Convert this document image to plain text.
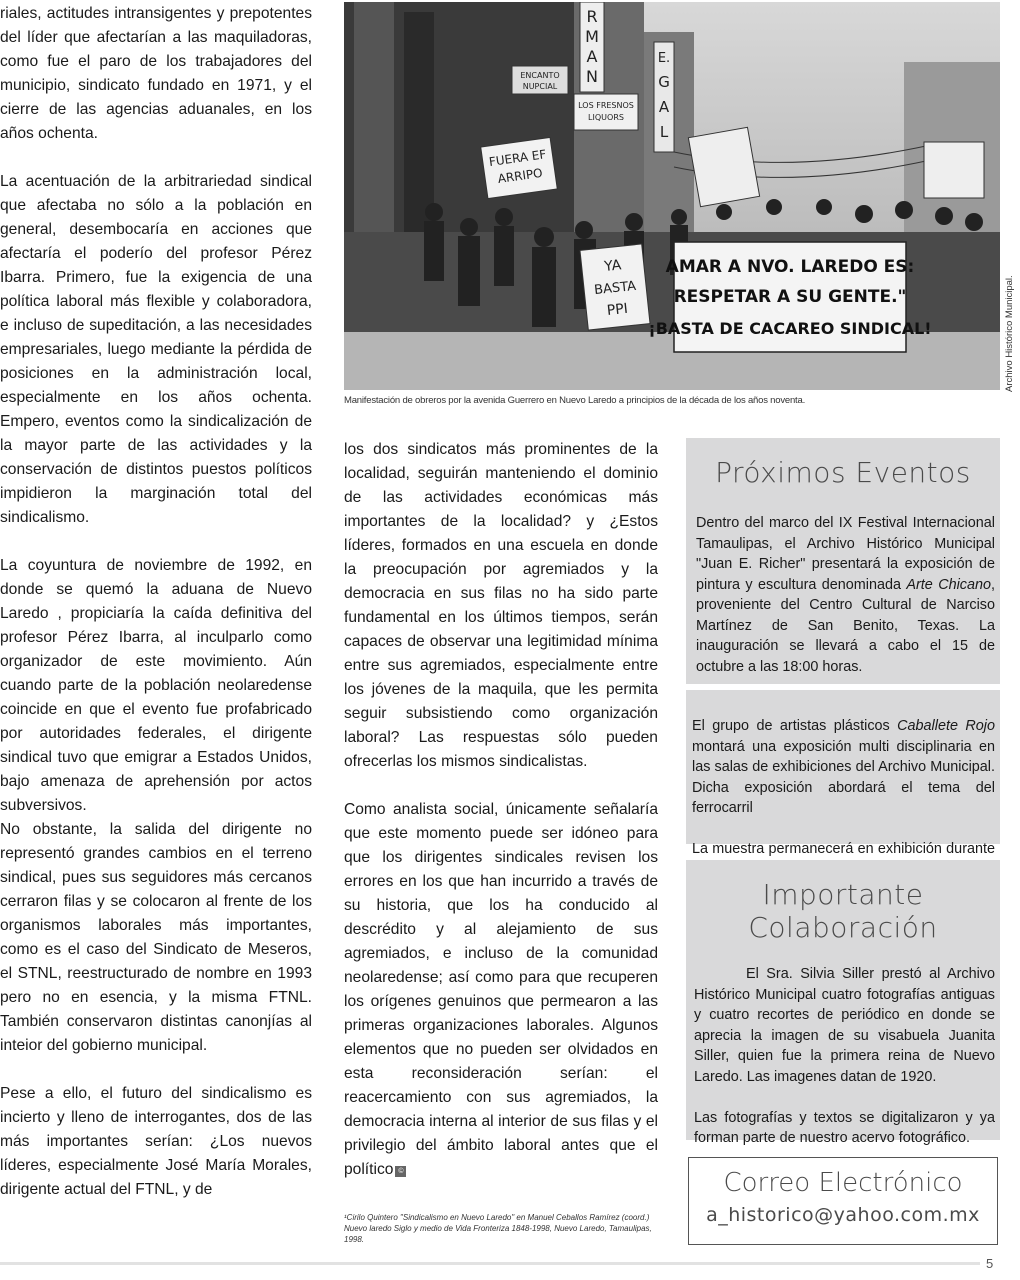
riales, actitudes intransigentes y prepotentes del líder que afectarían a las maquiladoras, como fue el paro de los trabajadores del municipio, sindicato fundado en 1971, y el cierre de las agencias aduanales, en los años ochenta.

La acentuación de la arbitrariedad sindical que afectaba no sólo a la población en general, desembocaría en acciones que afectaría el poderío del profesor Pérez Ibarra. Primero, fue la exigencia de una política laboral más flexible y colaboradora, e incluso de supeditación, a las necesidades empresariales, luego mediante la pérdida de posiciones en la administración local, especialmente en los años ochenta. Empero, eventos como la sindicalización de la mayor parte de las actividades y la conservación de distintos puestos políticos impidieron la marginación total del sindicalismo.

La coyuntura de noviembre de 1992, en donde se quemó la aduana de Nuevo Laredo , propiciaría la caída definitiva del profesor Pérez Ibarra, al inculparlo como organizador de este movimiento. Aún cuando parte de la población neolaredense coincide en que el evento fue profabricado por autoridades federales, el dirigente sindical tuvo que emigrar a Estados Unidos, bajo amenaza de aprehensión por actos subversivos.

No obstante, la salida del dirigente no representó grandes cambios en el terreno sindical, pues sus seguidores más cercanos cerraron filas y se colocaron al frente de los organismos laborales más importantes, como es el caso del Sindicato de Meseros, el STNL, reestructurado de nombre en 1993 pero no en esencia, y la misma FTNL. También conservaron distintas canonjías al inteior del gobierno municipal.

Pese a ello, el futuro del sindicalismo es incierto y lleno de interrogantes, dos de las más importantes serían: ¿Los nuevos líderes, especialmente José María Morales, dirigente actual del FTNL, y de

R
M
A
N
E.
G
A
L
ENCANTO
NUPCIAL
LOS FRESNOS
LIQUORS
FUERA EF
ARRIPO
YA
BASTA
PPI
AMAR A NVO. LAREDO ES:
RESPETAR A SU GENTE."
¡BASTA DE CACAREO SINDICAL!
Manifestación de obreros por la avenida Guerrero en Nuevo Laredo a principios de la década de los años noventa.
Archivo Histórico Municipal.

los dos sindicatos más prominentes de la localidad, seguirán manteniendo el dominio de las actividades económicas más importantes de la localidad? y ¿Estos líderes, formados en una escuela en donde la preocupación por agremiados y la democracia en sus filas no ha sido parte fundamental en los últimos tiempos, serán capaces de observar una legitimidad mínima entre sus agremiados, especialmente entre los jóvenes de la maquila, que les permita seguir subsistiendo como organización laboral? Las respuestas sólo pueden ofrecerlas los mismos sindicalistas.

Como analista social, únicamente señalaría que este momento puede ser idóneo para que los dirigentes sindicales revisen los errores en los que han incurrido a través de su historia, que los ha conducido al descrédito y al alejamiento de sus agremiados, e incluso de la comunidad neolaredense; así como para que recuperen los orígenes genuinos que permearon a las primeras organizaciones laborales. Algunos elementos que no pueden ser olvidados en esta reconsideración serían: el reacercamiento con sus agremiados, la democracia interna al interior de sus filas y el privilegio del ámbito laboral antes que el político ©

¹Cirilo Quintero "Sindicalismo en Nuevo Laredo" en Manuel Ceballos Ramírez (coord.) Nuevo laredo Siglo y medio de Vida Fronteriza 1848-1998, Nuevo Laredo, Tamaulipas, 1998.
Próximos Eventos

Dentro del marco del IX Festival Internacional Tamaulipas, el Archivo Histórico Municipal "Juan E. Richer" presentará la exposición de pintura y escultura denominada Arte Chicano, proveniente del Centro Cultural de Narciso Martínez de San Benito, Texas. La inauguración se llevará a cabo el 15 de octubre a las 18:00 horas.

El grupo de artistas plásticos Caballete Rojo montará una exposición multi disciplinaria en las salas de exhibiciones del Archivo Municipal. Dicha exposición abordará el tema del ferrocarril

La muestra permanecerá en exhibición durante

Importante Colaboración

El Sra. Silvia Siller prestó al Archivo Histórico Municipal cuatro fotografías antiguas y cuatro recortes de periódico en donde se aprecia la imagen de su visabuela Juanita Siller, quien fue la primera reina de Nuevo Laredo. Las imagenes datan de 1920.

Las fotografías y textos se digitalizaron y ya forman parte de nuestro acervo fotográfico.

Correo Electrónico
a_historico@yahoo.com.mx
5
